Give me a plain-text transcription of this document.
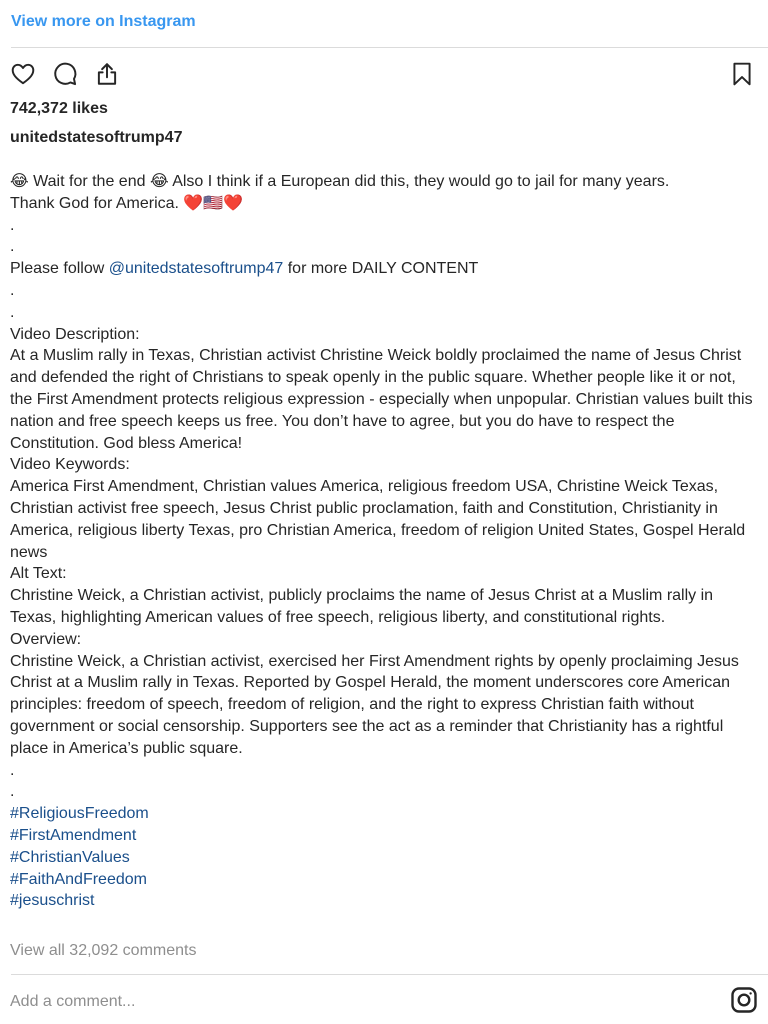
View more on Instagram
742,372 likes
unitedstatesoftrump47
😂 Wait for the end 😂 Also I think if a European did this, they would go to jail for many years.
Thank God for America. ❤️🇺🇸❤️
.
.
Please follow @unitedstatesoftrump47 for more DAILY CONTENT
.
.
Video Description:
At a Muslim rally in Texas, Christian activist Christine Weick boldly proclaimed the name of Jesus Christ and defended the right of Christians to speak openly in the public square. Whether people like it or not, the First Amendment protects religious expression - especially when unpopular. Christian values built this nation and free speech keeps us free. You don’t have to agree, but you do have to respect the Constitution. God bless America!
Video Keywords:
America First Amendment, Christian values America, religious freedom USA, Christine Weick Texas, Christian activist free speech, Jesus Christ public proclamation, faith and Constitution, Christianity in America, religious liberty Texas, pro Christian America, freedom of religion United States, Gospel Herald news
Alt Text:
Christine Weick, a Christian activist, publicly proclaims the name of Jesus Christ at a Muslim rally in Texas, highlighting American values of free speech, religious liberty, and constitutional rights.
Overview:
Christine Weick, a Christian activist, exercised her First Amendment rights by openly proclaiming Jesus Christ at a Muslim rally in Texas. Reported by Gospel Herald, the moment underscores core American principles: freedom of speech, freedom of religion, and the right to express Christian faith without government or social censorship. Supporters see the act as a reminder that Christianity has a rightful place in America’s public square.
.
.
#ReligiousFreedom
#FirstAmendment
#ChristianValues
#FaithAndFreedom
#jesuschrist
View all 32,092 comments
Add a comment...
